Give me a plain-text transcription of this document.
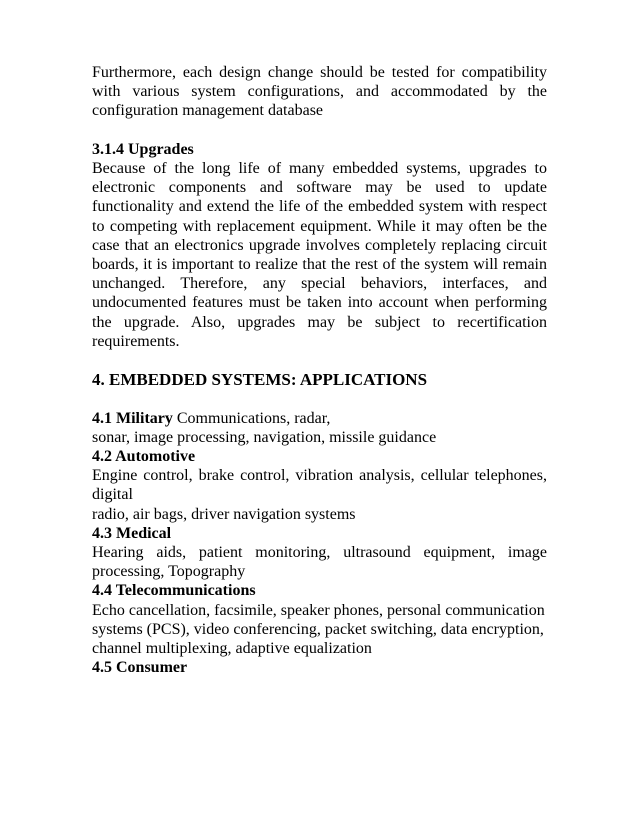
Furthermore, each design change should be tested for compatibility with various system configurations, and accommodated by the configuration management database

3.1.4 Upgrades

Because of the long life of many embedded systems, upgrades to electronic components and software may be used to update functionality and extend the life of the embedded system with respect to competing with replacement equipment. While it may often be the case that an electronics upgrade involves completely replacing circuit boards, it is important to realize that the rest of the system will remain unchanged. Therefore, any special behaviors, interfaces, and undocumented features must be taken into account when performing the upgrade. Also, upgrades may be subject to recertification requirements.

4. EMBEDDED SYSTEMS: APPLICATIONS

4.1 Military Communications, radar,

sonar, image processing, navigation, missile guidance

4.2 Automotive

Engine control, brake control, vibration analysis, cellular telephones, digital

radio, air bags, driver navigation systems

4.3 Medical

Hearing aids, patient monitoring, ultrasound equipment, image processing, Topography

4.4 Telecommunications

Echo cancellation, facsimile, speaker phones, personal communication

systems (PCS), video conferencing, packet switching, data encryption,

channel multiplexing, adaptive equalization

4.5 Consumer
